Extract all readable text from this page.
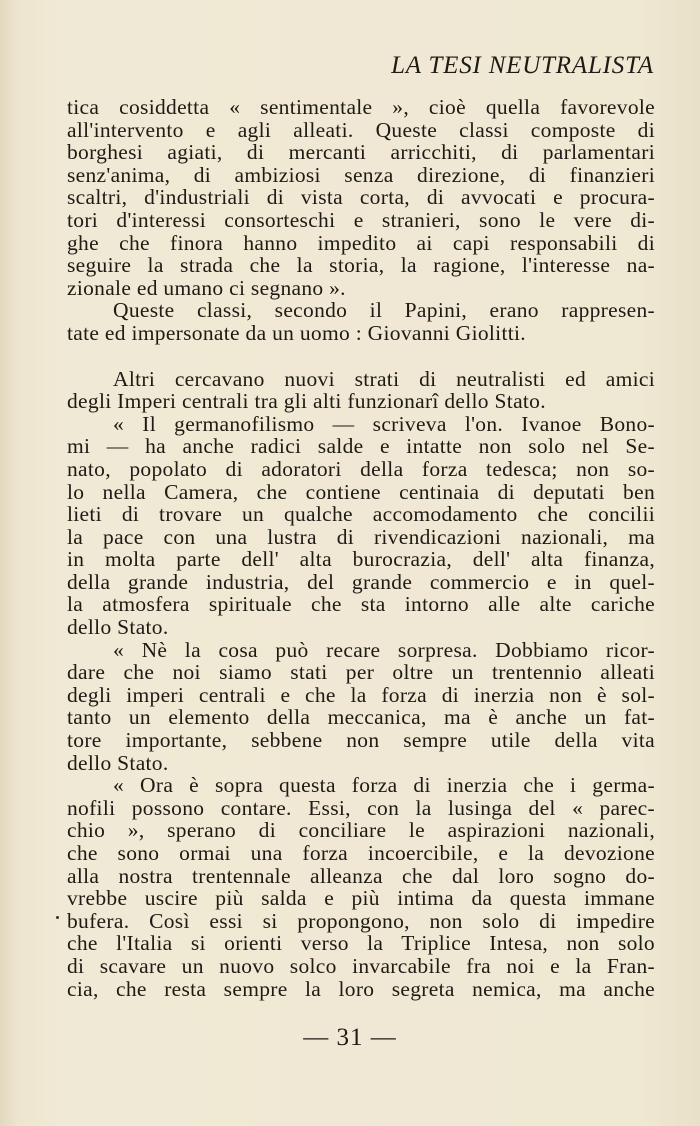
LA TESI NEUTRALISTA
tica cosiddetta « sentimentale », cioè quella favorevole
all'intervento e agli alleati. Queste classi composte di
borghesi agiati, di mercanti arricchiti, di parlamentari
senz'anima, di ambiziosi senza direzione, di finanzieri
scaltri, d'industriali di vista corta, di avvocati e procura-
tori d'interessi consorteschi e stranieri, sono le vere di-
ghe che finora hanno impedito ai capi responsabili di
seguire la strada che la storia, la ragione, l'interesse na-
zionale ed umano ci segnano ».
Queste classi, secondo il Papini, erano rappresen-
tate ed impersonate da un uomo : Giovanni Giolitti.
Altri cercavano nuovi strati di neutralisti ed amici
degli Imperi centrali tra gli alti funzionarî dello Stato.
« Il germanofilismo — scriveva l'on. Ivanoe Bono-
mi — ha anche radici salde e intatte non solo nel Se-
nato, popolato di adoratori della forza tedesca; non so-
lo nella Camera, che contiene centinaia di deputati ben
lieti di trovare un qualche accomodamento che concilii
la pace con una lustra di rivendicazioni nazionali, ma
in molta parte dell' alta burocrazia, dell' alta finanza,
della grande industria, del grande commercio e in quel-
la atmosfera spirituale che sta intorno alle alte cariche
dello Stato.
« Nè la cosa può recare sorpresa. Dobbiamo ricor-
dare che noi siamo stati per oltre un trentennio alleati
degli imperi centrali e che la forza di inerzia non è sol-
tanto un elemento della meccanica, ma è anche un fat-
tore importante, sebbene non sempre utile della vita
dello Stato.
« Ora è sopra questa forza di inerzia che i germa-
nofili possono contare. Essi, con la lusinga del « parec-
chio », sperano di conciliare le aspirazioni nazionali,
che sono ormai una forza incoercibile, e la devozione
alla nostra trentennale alleanza che dal loro sogno do-
vrebbe uscire più salda e più intima da questa immane
bufera. Così essi si propongono, non solo di impedire
che l'Italia si orienti verso la Triplice Intesa, non solo
di scavare un nuovo solco invarcabile fra noi e la Fran-
cia, che resta sempre la loro segreta nemica, ma anche
— 31 —
